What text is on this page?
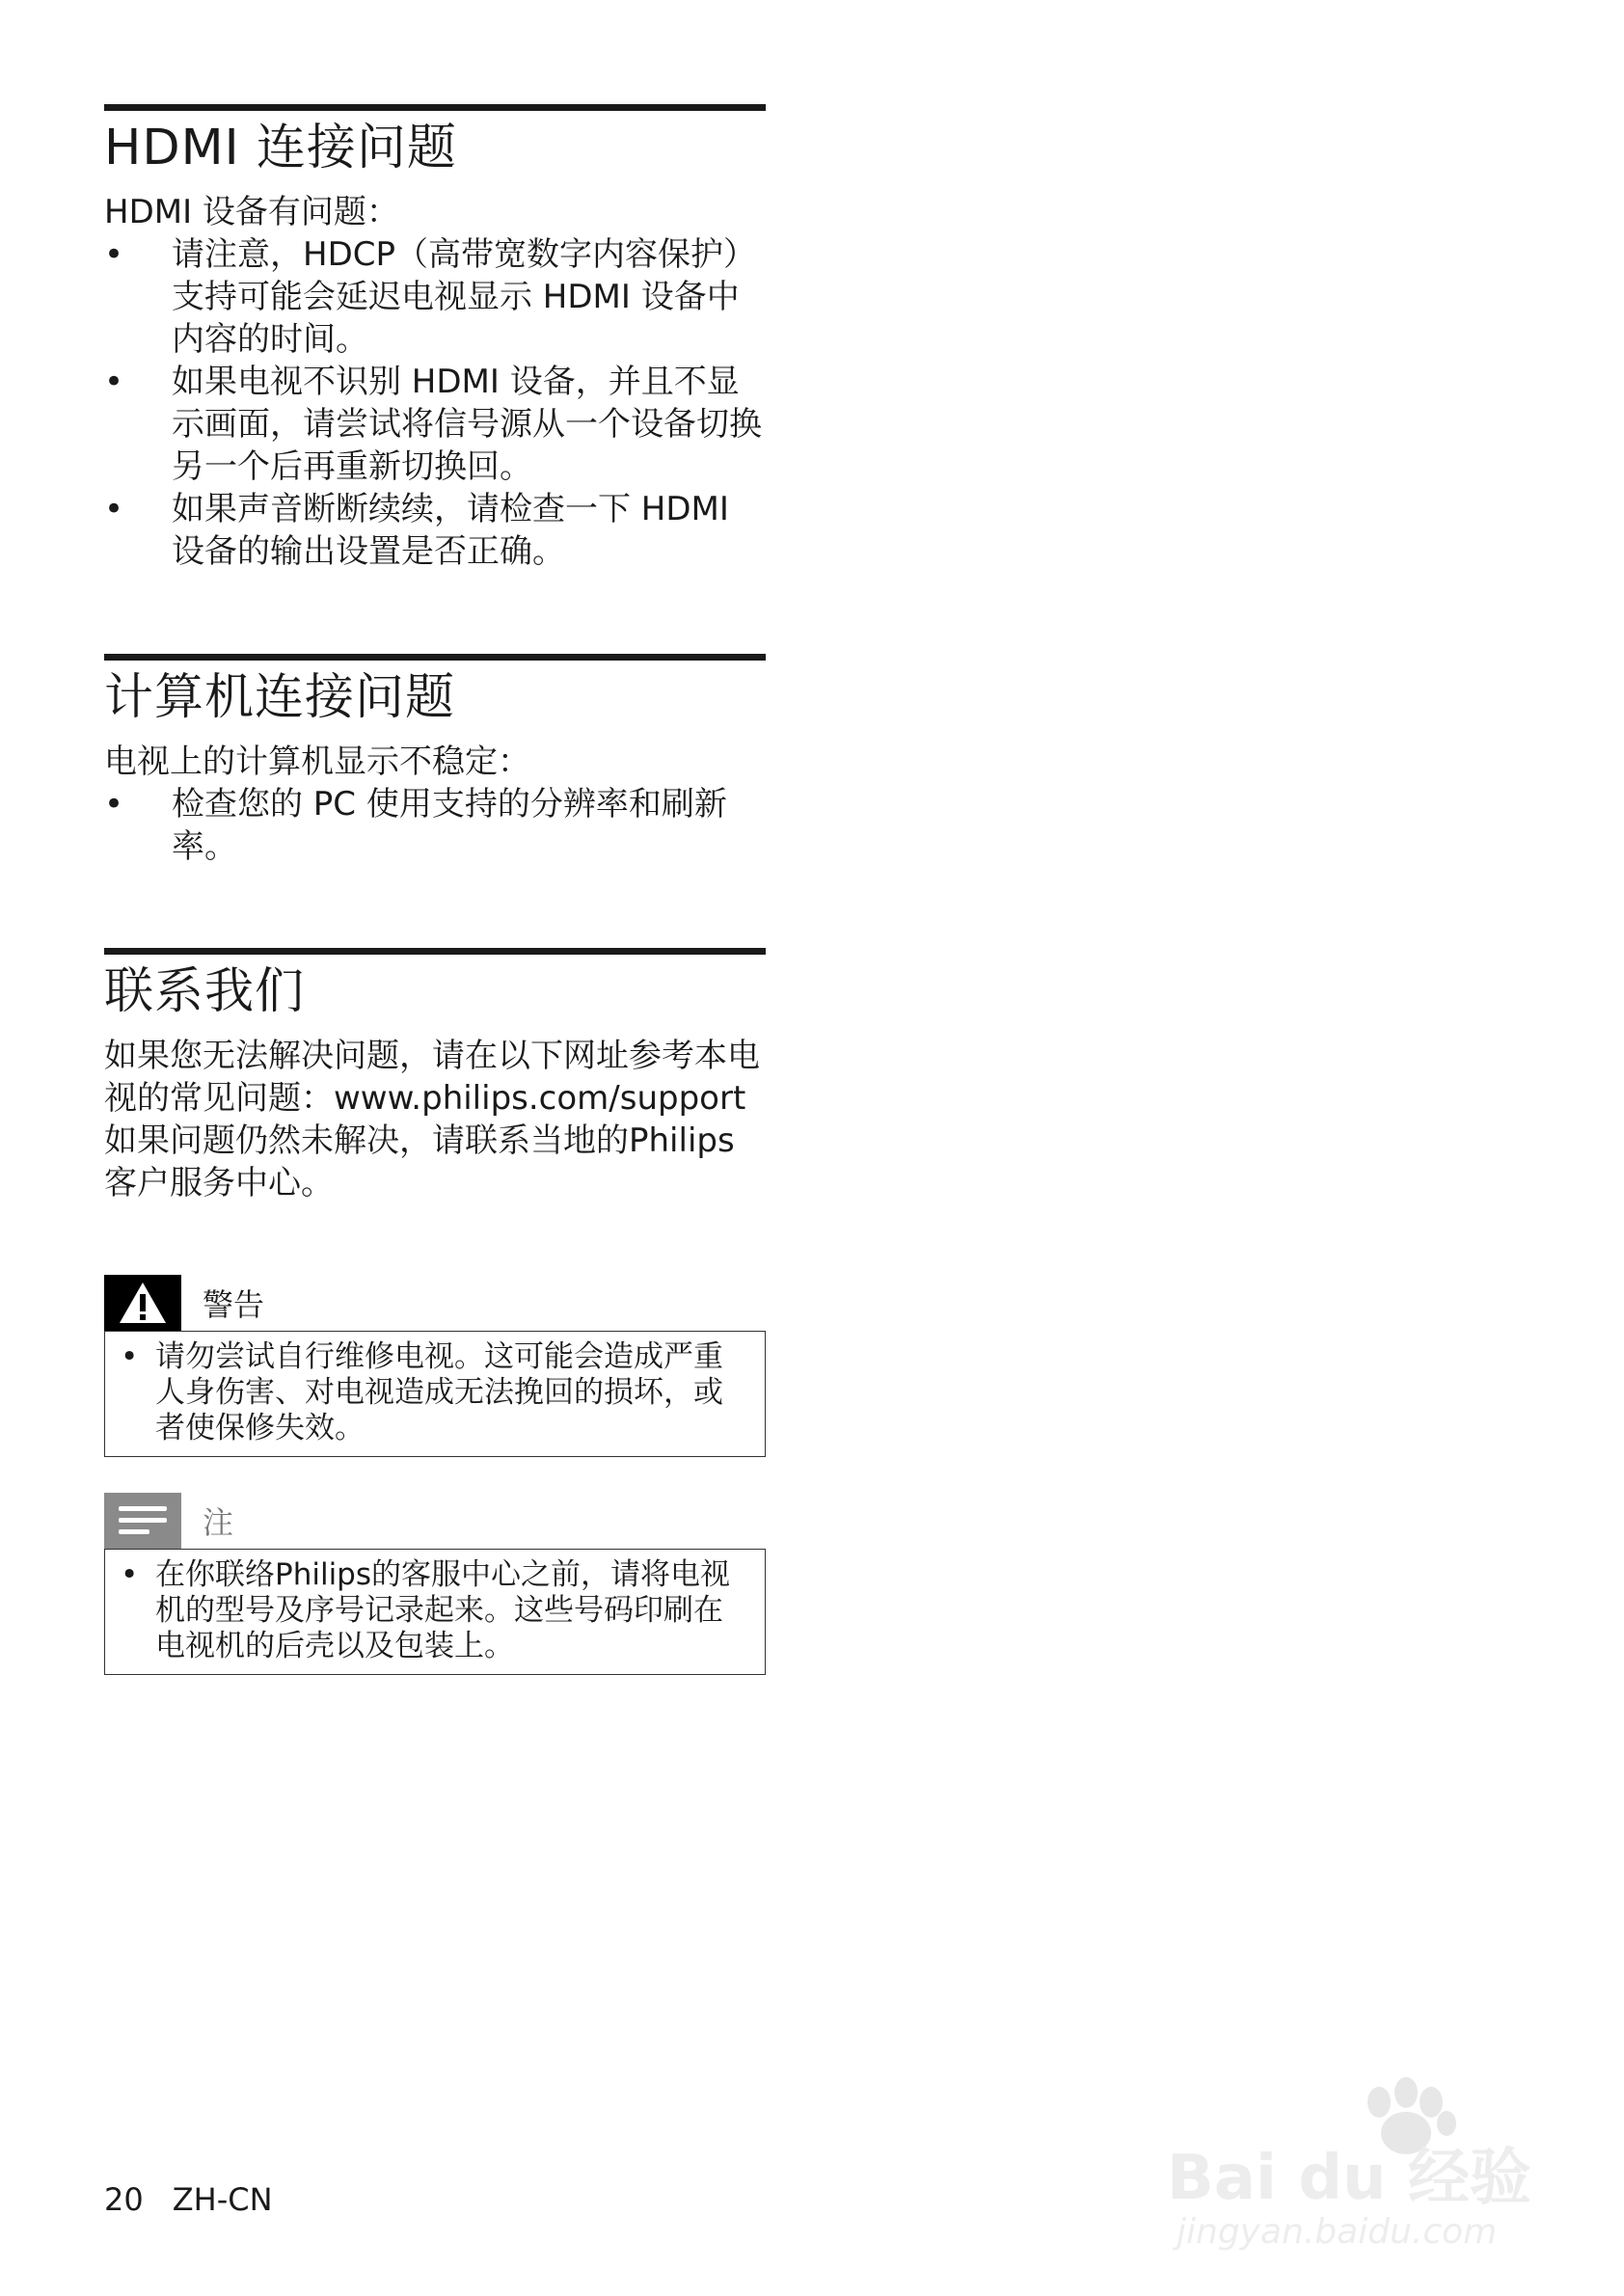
HDMI 连接问题

HDMI 设备有问题：

• 请注意，HDCP（高带宽数字内容保护）支持可能会延迟电视显示 HDMI 设备中内容的时间。
• 如果电视不识别 HDMI 设备，并且不显示画面，请尝试将信号源从一个设备切换另一个后再重新切换回。
• 如果声音断断续续，请检查一下 HDMI 设备的输出设置是否正确。
计算机连接问题

电视上的计算机显示不稳定：

• 检查您的 PC 使用支持的分辨率和刷新率。
联系我们

如果您无法解决问题，请在以下网址参考本电视的常见问题：www.philips.com/support

如果问题仍然未解决，请联系当地的Philips客户服务中心。

警告
• 请勿尝试自行维修电视。这可能会造成严重人身伤害、对电视造成无法挽回的损坏，或者使保修失效。
注
• 在你联络Philips的客服中心之前，请将电视机的型号及序号记录起来。这些号码印刷在电视机的后壳以及包装上。
20 ZH-CN	Bai du 经验
jingyan.baidu.com
